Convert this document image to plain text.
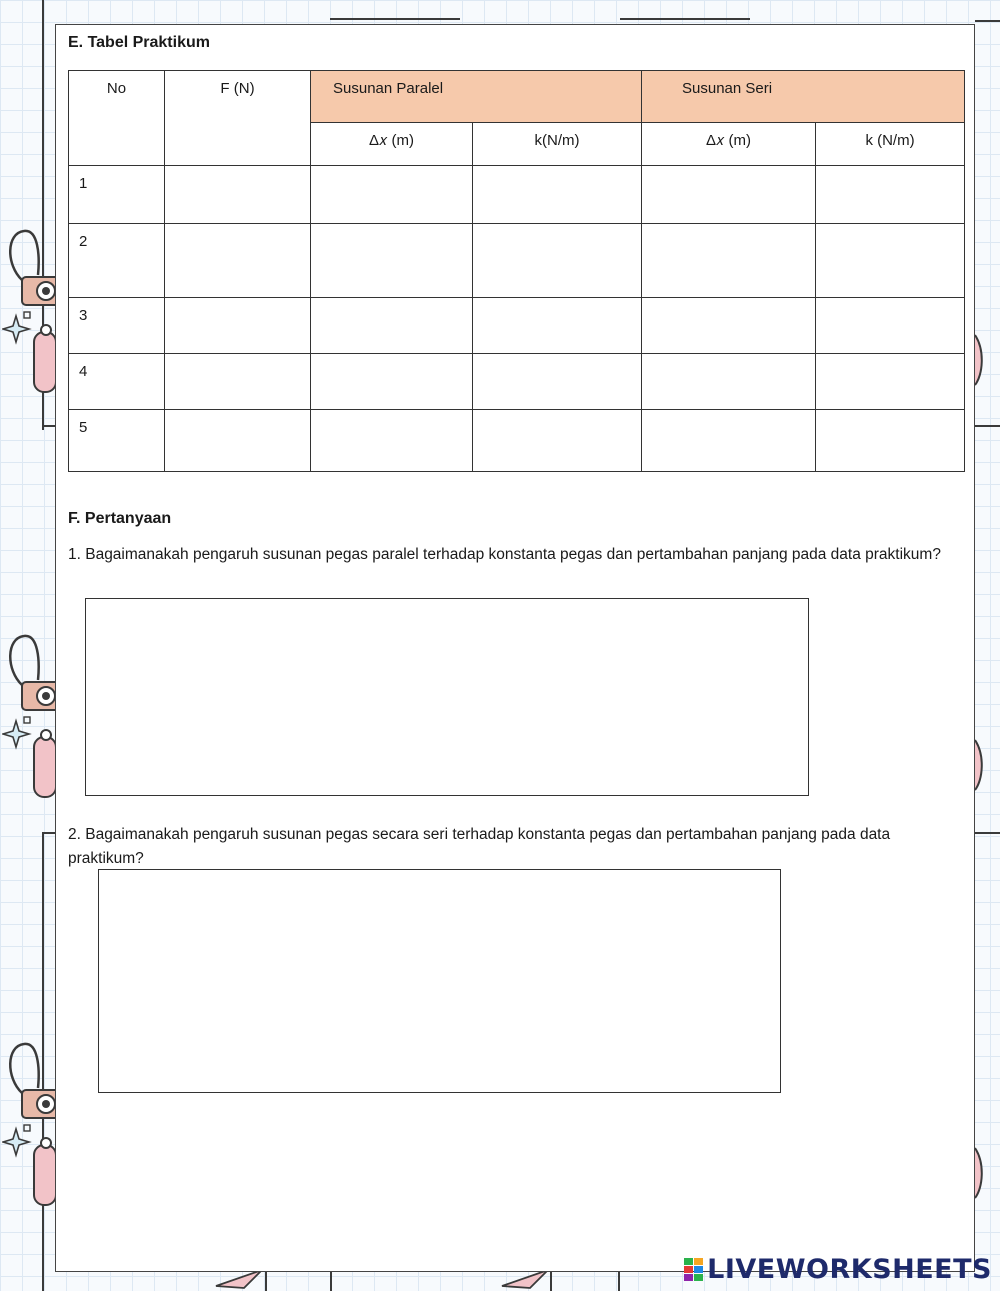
E. Tabel Praktikum
No	F (N)	Susunan Paralel		Susunan Seri	
		Δ𝑥 (m)	k(N/m)	Δ𝑥 (m)	k (N/m)
1					
2					
3					
4					
5					
F. Pertanyaan
1. Bagaimanakah pengaruh susunan pegas paralel terhadap konstanta pegas dan pertambahan panjang pada data praktikum?
2. Bagaimanakah pengaruh susunan pegas secara seri terhadap konstanta pegas dan pertambahan panjang pada data praktikum?
LIVEWORKSHEETS
